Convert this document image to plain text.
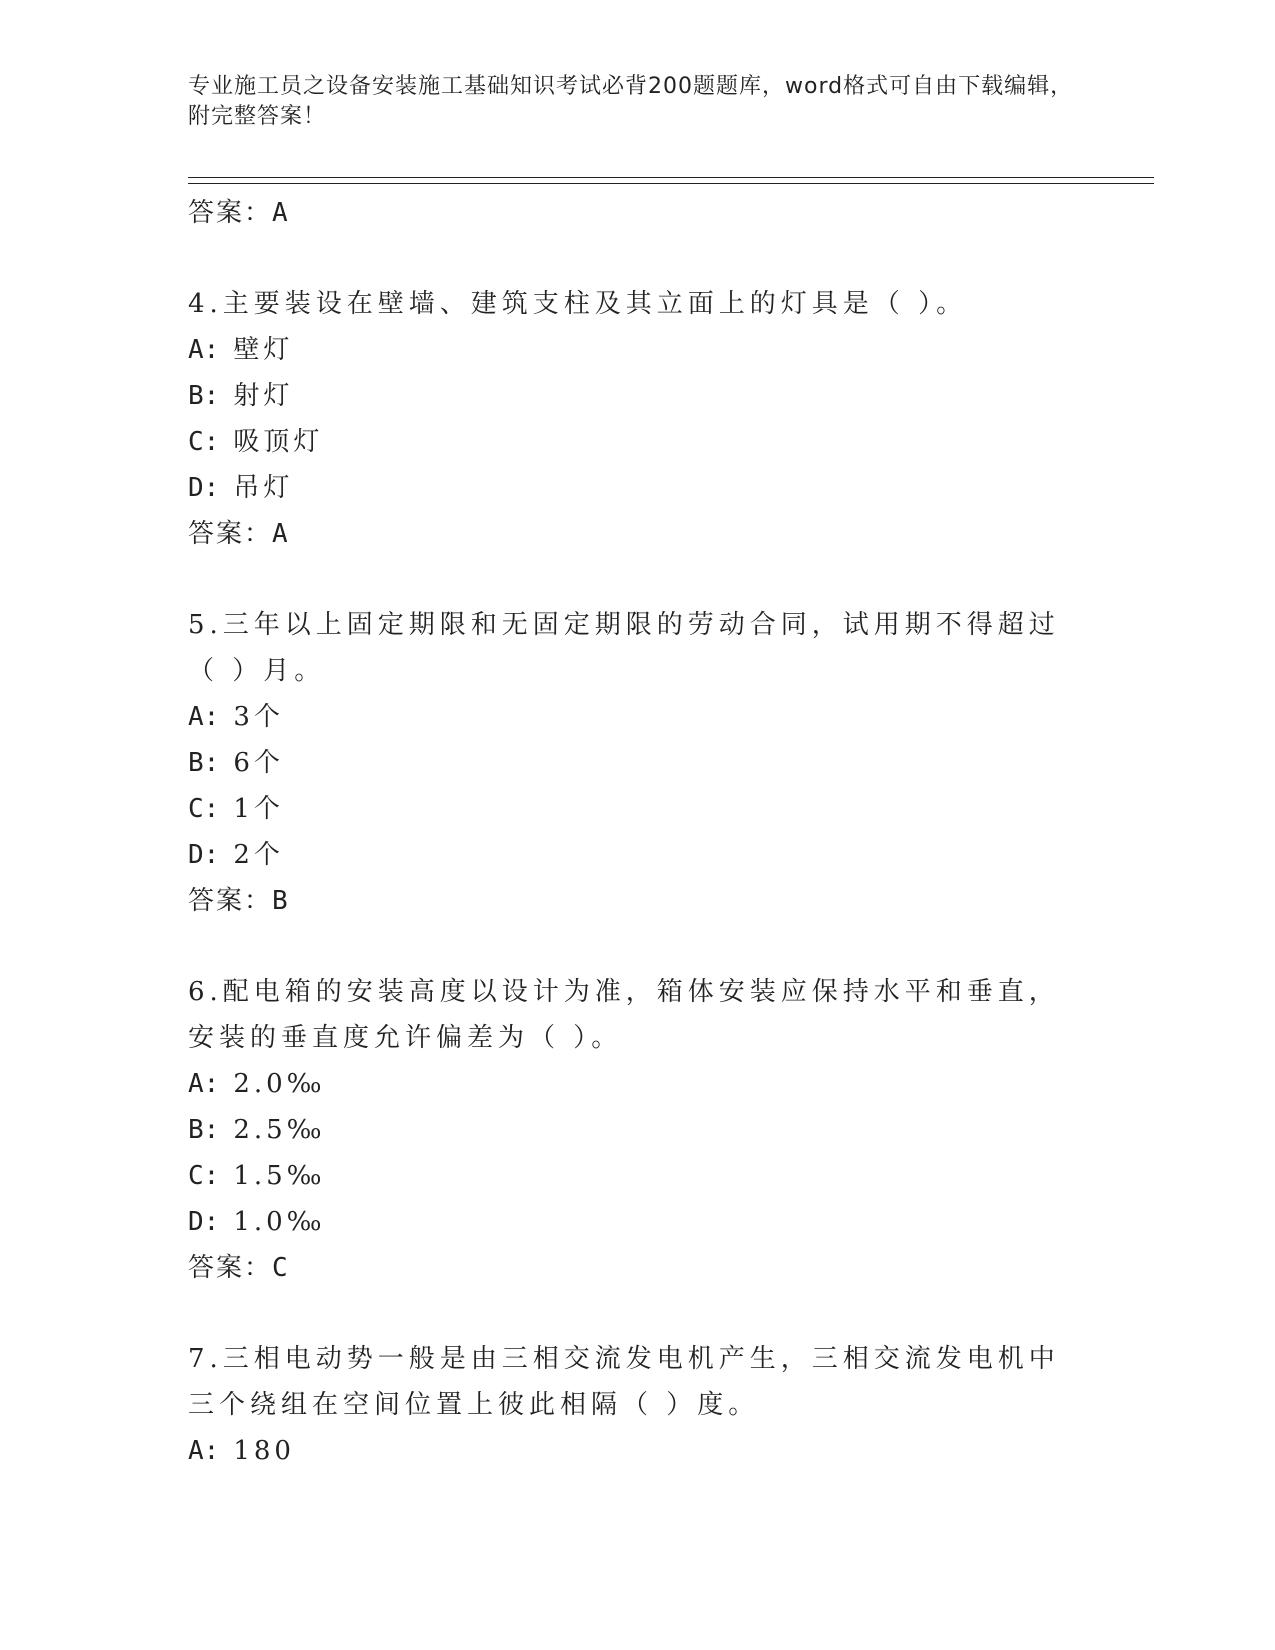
专业施工员之设备安装施工基础知识考试必背200题题库，word格式可自由下载编辑，附完整答案！
答案：A
4.主要装设在壁墙、建筑支柱及其立面上的灯具是（ ）。
A: 壁灯
B: 射灯
C: 吸顶灯
D: 吊灯
答案：A
5.三年以上固定期限和无固定期限的劳动合同，试用期不得超过（ ）月。
A: 3个
B: 6个
C: 1个
D: 2个
答案：B
6.配电箱的安装高度以设计为准，箱体安装应保持水平和垂直，安装的垂直度允许偏差为（ ）。
A: 2.0‰
B: 2.5‰
C: 1.5‰
D: 1.0‰
答案：C
7.三相电动势一般是由三相交流发电机产生，三相交流发电机中三个绕组在空间位置上彼此相隔（ ）度。
A: 180
